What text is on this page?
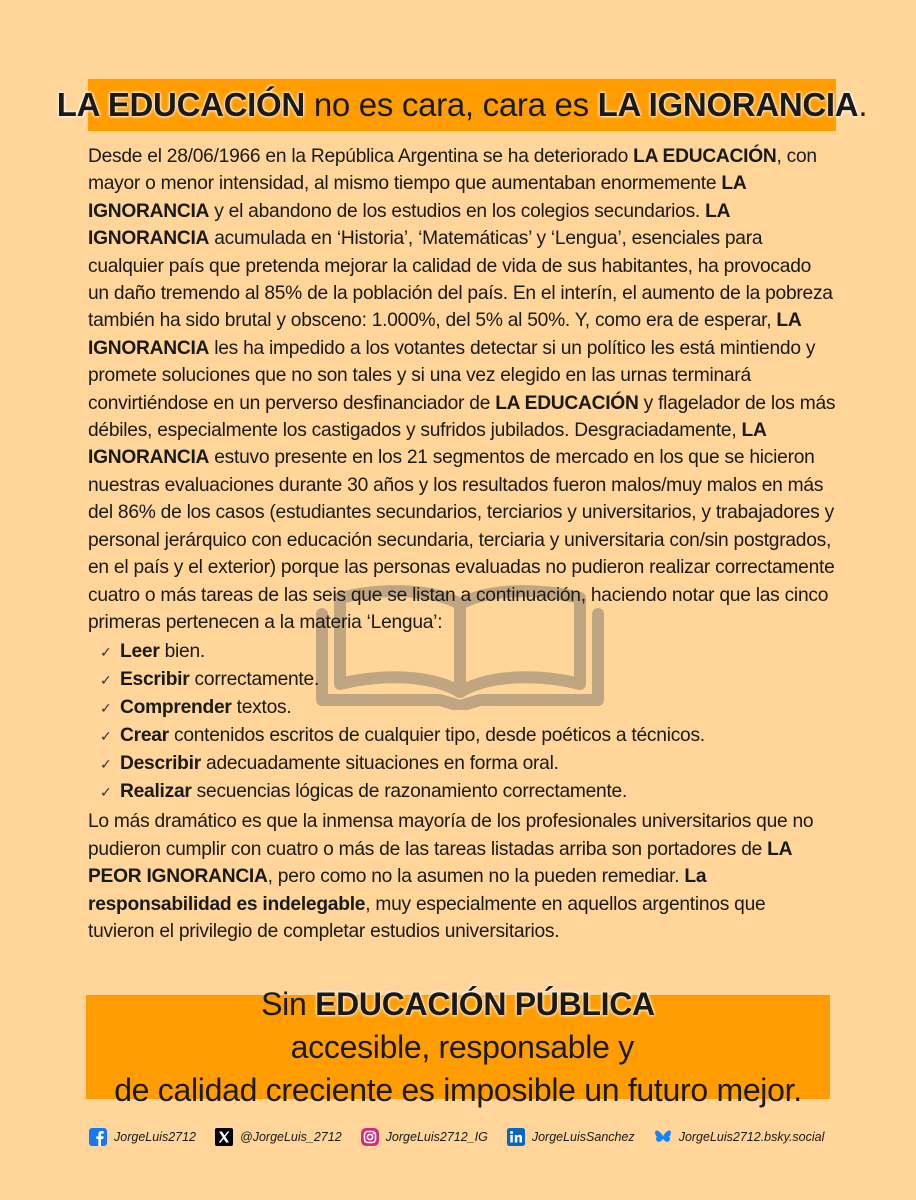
LA EDUCACIÓN no es cara, cara es LA IGNORANCIA .

Desde el 28/06/1966 en la República Argentina se ha deteriorado LA EDUCACIÓN, con mayor o menor intensidad, al mismo tiempo que aumentaban enormemente LA IGNORANCIA y el abandono de los estudios en los colegios secundarios. LA IGNORANCIA acumulada en ‘Historia’, ‘Matemáticas’ y ‘Lengua’, esenciales para cualquier país que pretenda mejorar la calidad de vida de sus habitantes, ha provocado un daño tremendo al 85% de la población del país. En el interín, el aumento de la pobreza también ha sido brutal y obsceno: 1.000%, del 5% al 50%. Y, como era de esperar, LA IGNORANCIA les ha impedido a los votantes detectar si un político les está mintiendo y promete soluciones que no son tales y si una vez elegido en las urnas terminará convirtiéndose en un perverso desfinanciador de LA EDUCACIÓN y flagelador de los más débiles, especialmente los castigados y sufridos jubilados. Desgraciadamente, LA IGNORANCIA estuvo presente en los 21 segmentos de mercado en los que se hicieron nuestras evaluaciones durante 30 años y los resultados fueron malos/muy malos en más del 86% de los casos (estudiantes secundarios, terciarios y universitarios, y trabajadores y personal jerárquico con educación secundaria, terciaria y universitaria con/sin postgrados, en el país y el exterior) porque las personas evaluadas no pudieron realizar correctamente cuatro o más tareas de las seis que se listan a continuación, haciendo notar que las cinco primeras pertenecen a la materia ‘Lengua’:

✓ Leer bien.
✓ Escribir correctamente.
✓ Comprender textos.
✓ Crear contenidos escritos de cualquier tipo, desde poéticos a técnicos.
✓ Describir adecuadamente situaciones en forma oral.
✓ Realizar secuencias lógicas de razonamiento correctamente.

Lo más dramático es que la inmensa mayoría de los profesionales universitarios que no pudieron cumplir con cuatro o más de las tareas listadas arriba son portadores de LA PEOR IGNORANCIA, pero como no la asumen no la pueden remediar. La responsabilidad es indelegable, muy especialmente en aquellos argentinos que tuvieron el privilegio de completar estudios universitarios.

Sin EDUCACIÓN PÚBLICA accesible, responsable y
de calidad creciente es imposible un futuro mejor.
JorgeLuis2712	@JorgeLuis_2712	JorgeLuis2712_IG	JorgeLuisSanchez	JorgeLuis2712.bsky.social
